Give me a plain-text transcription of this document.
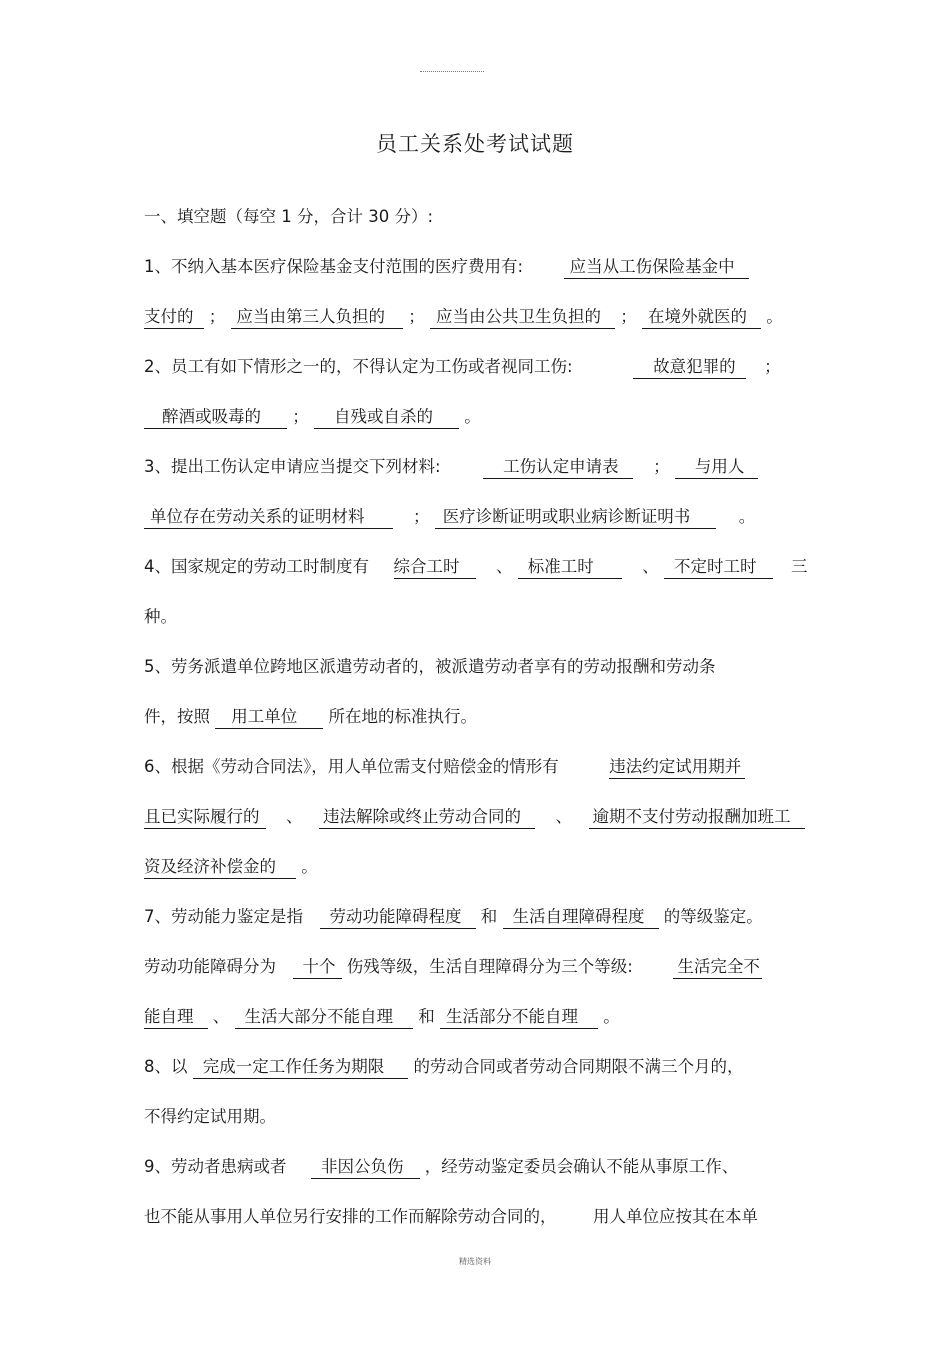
员工关系处考试试题
一、填空题（每空 1 分，合计 30 分）:
1、不纳入基本医疗保险基金支付范围的医疗费用有:	应当从工伤保险基金中
支付的 ； 应当由第三人负担的 ； 应当由公共卫生负担的 ； 在境外就医的 。
2、员工有如下情形之一的，不得认定为工伤或者视同工伤:	故意犯罪的 ；
醉酒或吸毒的 ； 自残或自杀的 。
3、提出工伤认定申请应当提交下列材料:	工伤认定申请表 ； 与用人
单位存在劳动关系的证明材料	； 医疗诊断证明或职业病诊断证明书	。
4、国家规定的劳动工时制度有 综合工时 、 标准工时	、 不定时工时 三
种。
5、劳务派遣单位跨地区派遣劳动者的，被派遣劳动者享有的劳动报酬和劳动条
件，按照 用工单位 所在地的标准执行。
6、根据《劳动合同法》，用人单位需支付赔偿金的情形有	违法约定试用期并
且已实际履行的 、 违法解除或终止劳动合同的 、 逾期不支付劳动报酬加班工
资及经济补偿金的 。
7、劳动能力鉴定是指 劳动功能障碍程度 和 生活自理障碍程度 的等级鉴定。
劳动功能障碍分为 十个 伤残等级，生活自理障碍分为三个等级:	生活完全不
能自理 、 生活大部分不能自理 和 生活部分不能自理 。
8、以 完成一定工作任务为期限 的劳动合同或者劳动合同期限不满三个月的，
不得约定试用期。
9、劳动者患病或者 非因公负伤 ，经劳动鉴定委员会确认不能从事原工作、
也不能从事用人单位另行安排的工作而解除劳动合同的， 用人单位应按其在本单
精选资料
